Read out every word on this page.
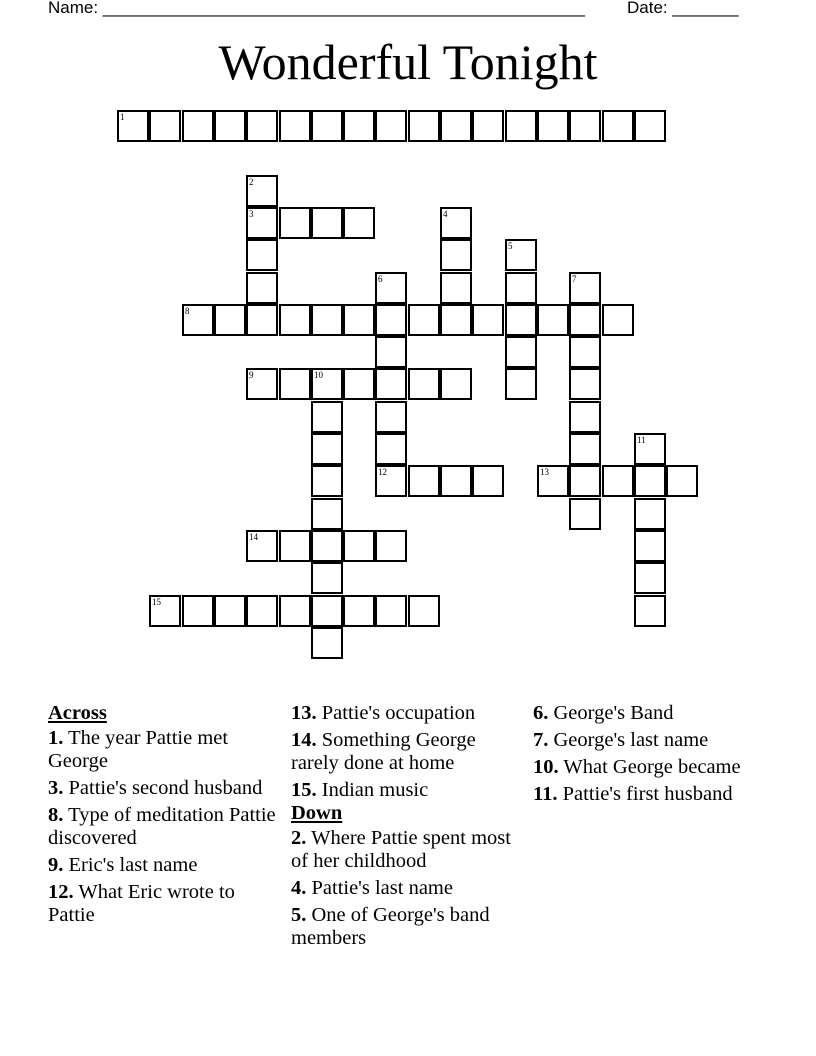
Name: ___________________________________________________ Date: _______
Wonderful Tonight
1
2
3	4
5
6
12
7
8
9	10
11
13
14
15
Across
1. The year Pattie met George
3. Pattie's second husband
8. Type of meditation Pattie discovered
9. Eric's last name
12. What Eric wrote to Pattie
13. Pattie's occupation
14. Something George rarely done at home
15. Indian music
Down
2. Where Pattie spent most of her childhood
4. Pattie's last name
5. One of George's band members
6. George's Band
7. George's last name
10. What George became
11. Pattie's first husband
